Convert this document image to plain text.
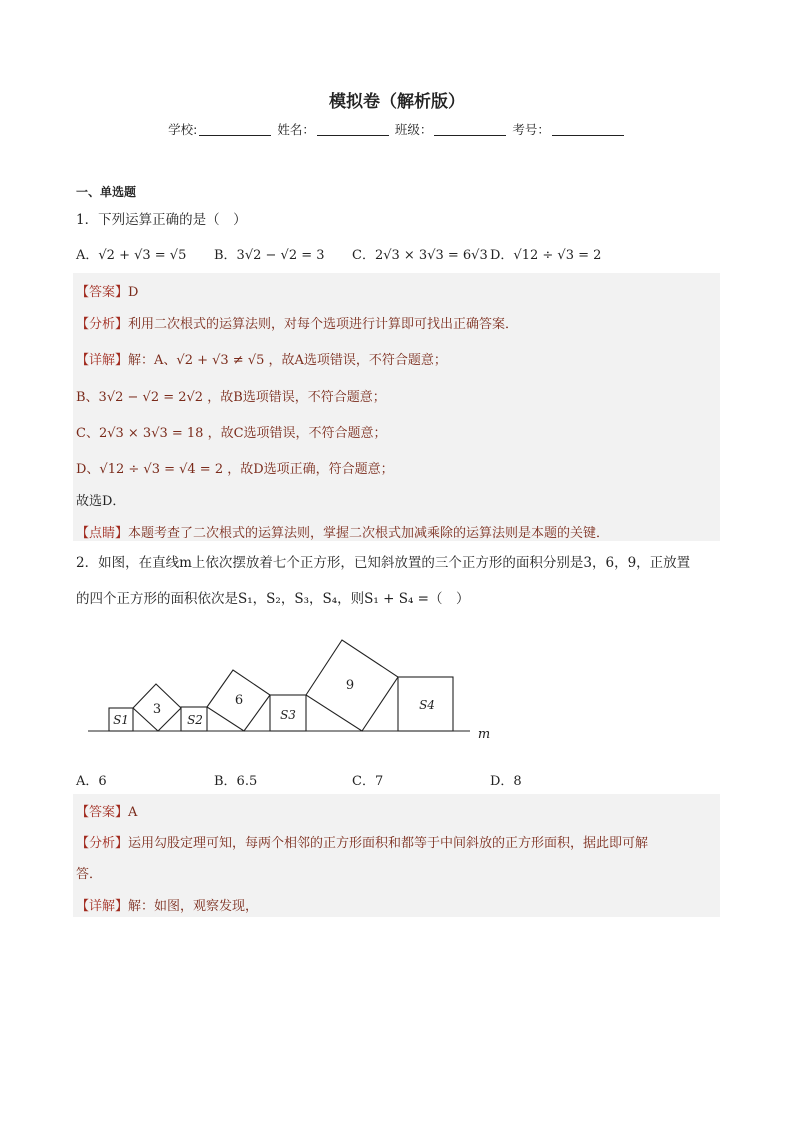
模拟卷（解析版）
学校:	姓名：	班级：	考号：
一、单选题
1．下列运算正确的是（　）
A．√2 + √3 = √5 B．3√2 − √2 = 3 C．2√3 × 3√3 = 6√3 D．√12 ÷ √3 = 2
【答案】D
【分析】利用二次根式的运算法则，对每个选项进行计算即可找出正确答案．
【详解】解：A、√2 + √3 ≠ √5 ，故A选项错误，不符合题意；
B、3√2 − √2 = 2√2 ，故B选项错误，不符合题意；
C、2√3 × 3√3 = 18 ，故C选项错误，不符合题意；
D、√12 ÷ √3 = √4 = 2 ，故D选项正确，符合题意；
故选D．
【点睛】本题考查了二次根式的运算法则，掌握二次根式加减乘除的运算法则是本题的关键．
2．如图，在直线m上依次摆放着七个正方形，已知斜放置的三个正方形的面积分别是3，6，9，正放置
的四个正方形的面积依次是S₁，S₂，S₃，S₄，则S₁ + S₄ =（　）
S1
3
S2
6
S3
9
S4
m
A．6	B．6.5	C．7	D．8
【答案】A
【分析】运用勾股定理可知，每两个相邻的正方形面积和都等于中间斜放的正方形面积，据此即可解
答．
【详解】解：如图，观察发现，
